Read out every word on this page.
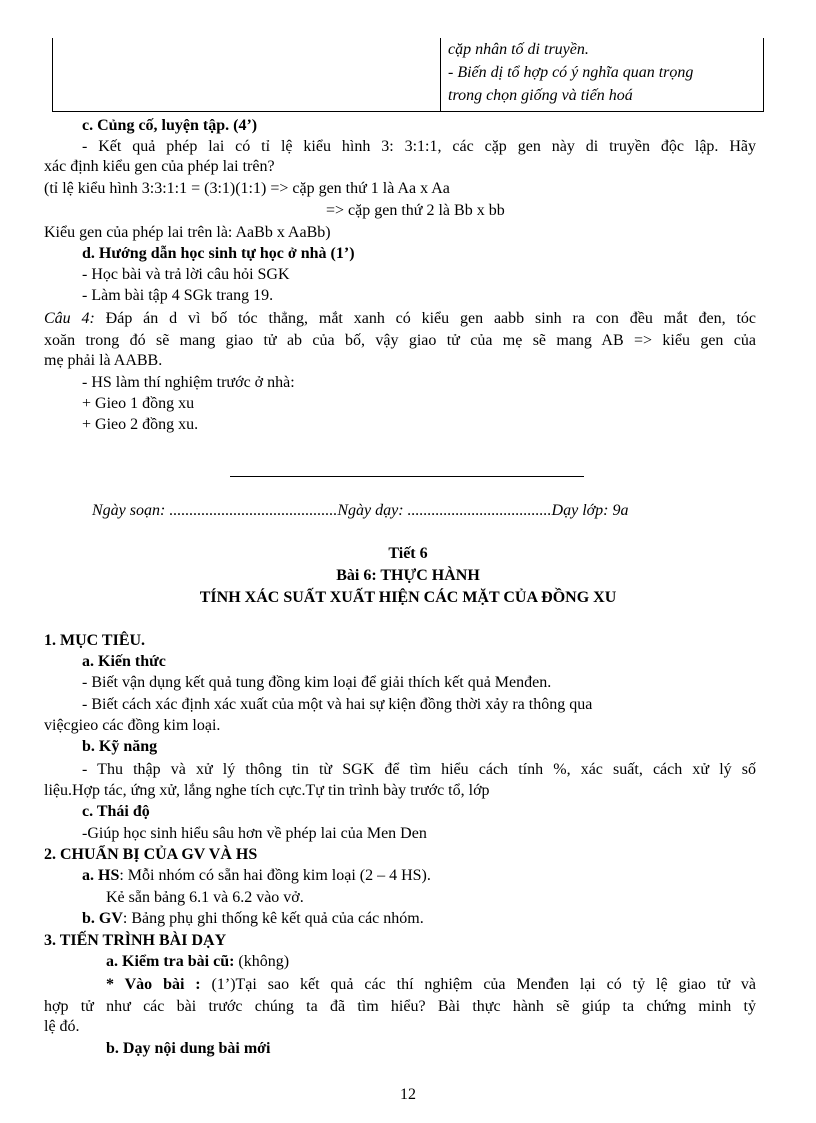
cặp nhân tố di truyền.
- Biến dị tổ hợp có ý nghĩa quan trọng
trong chọn giống và tiến hoá
c. Củng cố, luyện tập. (4’)
- Kết quả phép lai có tỉ lệ kiểu hình 3: 3:1:1, các cặp gen này di truyền độc lập. Hãy
xác định kiểu gen của phép lai trên?
(tỉ lệ kiểu hình 3:3:1:1 = (3:1)(1:1) => cặp gen thứ 1 là Aa x Aa
=> cặp gen thứ 2 là Bb x bb
Kiểu gen của phép lai trên là: AaBb x AaBb)
d. Hướng dẫn học sinh tự học ở nhà (1’)
- Học bài và trả lời câu hỏi SGK
- Làm bài tập 4 SGk trang 19.
Câu 4: Đáp án d vì bố tóc thẳng, mắt xanh có kiểu gen aabb sinh ra con đều mắt đen, tóc
xoăn trong đó sẽ mang giao tử ab của bố, vậy giao tử của mẹ sẽ mang AB => kiểu gen của
mẹ phải là AABB.
- HS làm thí nghiệm trước ở nhà:
+ Gieo 1 đồng xu
+ Gieo 2 đồng xu.
Ngày soạn: ..........................................Ngày dạy: ....................................Dạy lớp: 9a
Tiết 6
Bài 6: THỰC HÀNH
TÍNH XÁC SUẤT XUẤT HIỆN CÁC MẶT CỦA ĐỒNG XU
1. MỤC TIÊU.
a. Kiến thức
- Biết vận dụng kết quả tung đồng kim loại để giải thích kết quả Menđen.
- Biết cách xác định xác xuất của một và hai sự kiện đồng thời xảy ra thông qua
việcgieo các đồng kim loại.
b. Kỹ năng
- Thu thập và xử lý thông tin từ SGK để tìm hiểu cách tính %, xác suất, cách xử lý số
liệu.Hợp tác, ứng xử, lắng nghe tích cực.Tự tin trình bày trước tổ, lớp
c. Thái độ
-Giúp học sinh hiểu sâu hơn về phép lai của Men Den
2. CHUẨN BỊ CỦA GV VÀ HS
a. HS: Mỗi nhóm có sẵn hai đồng kim loại (2 – 4 HS).
Kẻ sẵn bảng 6.1 và 6.2 vào vở.
b. GV: Bảng phụ ghi thống kê kết quả của các nhóm.
3. TIẾN TRÌNH BÀI DẠY
a. Kiểm tra bài cũ: (không)
* Vào bài : (1’)Tại sao kết quả các thí nghiệm của Menđen lại có tỷ lệ giao tử và
hợp tử như các bài trước chúng ta đã tìm hiểu? Bài thực hành sẽ giúp ta chứng minh tỷ
lệ đó.
b. Dạy nội dung bài mới
12
